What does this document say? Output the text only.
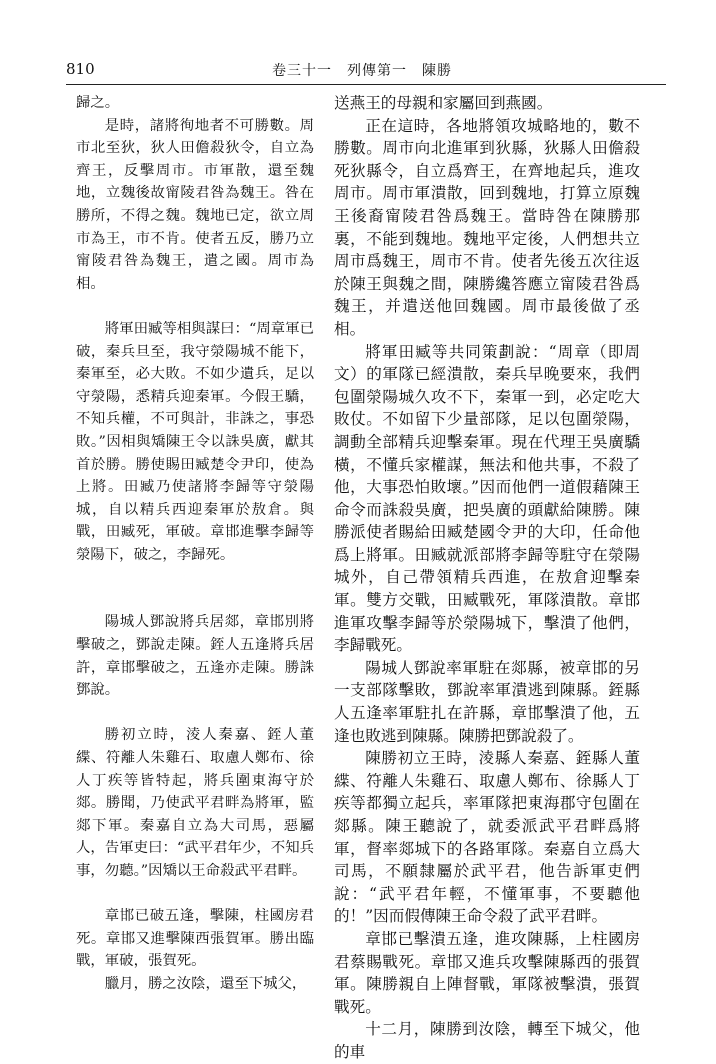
810	卷三十一　列傳第一　陳勝

歸之。

是時，諸將徇地者不可勝數。周市北至狄，狄人田儋殺狄令，自立為齊王，反擊周市。市軍散，還至魏地，立魏後故甯陵君咎為魏王。咎在勝所，不得之魏。魏地已定，欲立周市為王，市不肯。使者五反，勝乃立甯陵君咎為魏王，遣之國。周市為相。

將軍田臧等相與謀曰：“周章軍已破，秦兵旦至，我守滎陽城不能下，秦軍至，必大敗。不如少遺兵，足以守滎陽，悉精兵迎秦軍。今假王驕，不知兵權，不可與計，非誅之，事恐敗。”因相與矯陳王令以誅吳廣，獻其首於勝。勝使賜田臧楚令尹印，使為上將。田臧乃使諸將李歸等守滎陽城，自以精兵西迎秦軍於敖倉。與戰，田臧死，軍破。章邯進擊李歸等滎陽下，破之，李歸死。

陽城人鄧說將兵居郯，章邯別將擊破之，鄧說走陳。銍人五逢將兵居許，章邯擊破之，五逢亦走陳。勝誅鄧說。

勝初立時，淩人秦嘉、銍人董緤、符離人朱雞石、取慮人鄭布、徐人丁疾等皆特起，將兵圍東海守於郯。勝聞，乃使武平君畔為將軍，監郯下軍。秦嘉自立為大司馬，惡屬人，告軍吏曰：“武平君年少，不知兵事，勿聽。”因矯以王命殺武平君畔。

章邯已破五逢，擊陳，柱國房君死。章邯又進擊陳西張賀軍。勝出臨戰，軍破，張賀死。

臘月，勝之汝陰，還至下城父，

送燕王的母親和家屬回到燕國。

正在這時，各地將領攻城略地的，數不勝數。周市向北進軍到狄縣，狄縣人田儋殺死狄縣令，自立爲齊王，在齊地起兵，進攻周市。周市軍潰散，回到魏地，打算立原魏王後裔甯陵君咎爲魏王。當時咎在陳勝那裏，不能到魏地。魏地平定後，人們想共立周市爲魏王，周市不肯。使者先後五次往返於陳王與魏之間，陳勝纔答應立甯陵君咎爲魏王，并遣送他回魏國。周市最後做了丞相。

將軍田臧等共同策劃說：“周章（即周文）的軍隊已經潰散，秦兵早晚要來，我們包圍滎陽城久攻不下，秦軍一到，必定吃大敗仗。不如留下少量部隊，足以包圍滎陽，調動全部精兵迎擊秦軍。現在代理王吳廣驕橫，不懂兵家權謀，無法和他共事，不殺了他，大事恐怕敗壞。”因而他們一道假藉陳王命令而誅殺吳廣，把吳廣的頭獻給陳勝。陳勝派使者賜給田臧楚國令尹的大印，任命他爲上將軍。田臧就派部將李歸等駐守在滎陽城外，自己帶領精兵西進，在敖倉迎擊秦軍。雙方交戰，田臧戰死，軍隊潰散。章邯進軍攻擊李歸等於滎陽城下，擊潰了他們，李歸戰死。

陽城人鄧說率軍駐在郯縣，被章邯的另一支部隊擊敗，鄧說率軍潰逃到陳縣。銍縣人五逢率軍駐扎在許縣，章邯擊潰了他，五逢也敗逃到陳縣。陳勝把鄧說殺了。

陳勝初立王時，淩縣人秦嘉、銍縣人董緤、符離人朱雞石、取慮人鄭布、徐縣人丁疾等都獨立起兵，率軍隊把東海郡守包圍在郯縣。陳王聽說了，就委派武平君畔爲將軍，督率郯城下的各路軍隊。秦嘉自立爲大司馬，不願隸屬於武平君，他告訴軍吏們說：“武平君年輕，不懂軍事，不要聽他的！”因而假傳陳王命令殺了武平君畔。

章邯已擊潰五逢，進攻陳縣，上柱國房君蔡賜戰死。章邯又進兵攻擊陳縣西的張賀軍。陳勝親自上陣督戰，軍隊被擊潰，張賀戰死。

十二月，陳勝到汝陰，轉至下城父，他的車
